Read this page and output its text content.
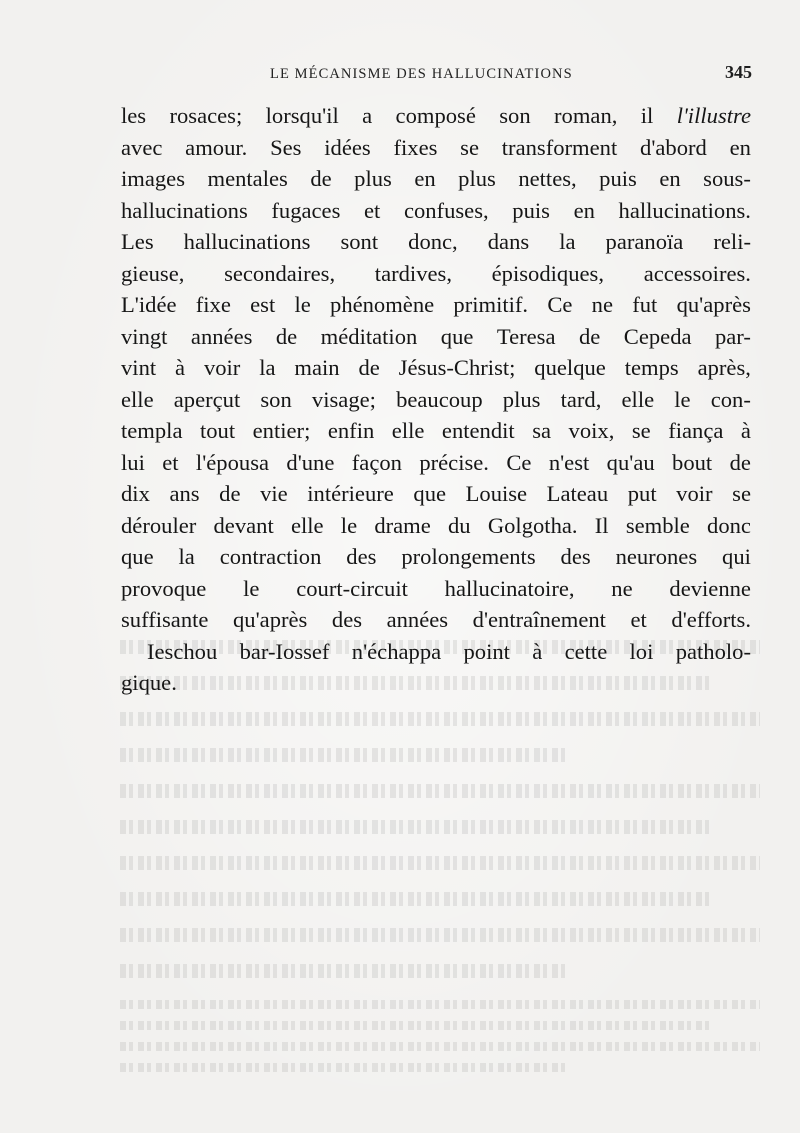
LE MÉCANISME DES HALLUCINATIONS	345
les rosaces; lorsqu'il a composé son roman, il l'illustre
avec amour. Ses idées fixes se transforment d'abord en
images mentales de plus en plus nettes, puis en sous-
hallucinations fugaces et confuses, puis en hallucinations.
Les hallucinations sont donc, dans la paranoïa reli-
gieuse, secondaires, tardives, épisodiques, accessoires.
L'idée fixe est le phénomène primitif. Ce ne fut qu'après
vingt années de méditation que Teresa de Cepeda par-
vint à voir la main de Jésus-Christ; quelque temps après,
elle aperçut son visage; beaucoup plus tard, elle le con-
templa tout entier; enfin elle entendit sa voix, se fiança à
lui et l'épousa d'une façon précise. Ce n'est qu'au bout de
dix ans de vie intérieure que Louise Lateau put voir se
dérouler devant elle le drame du Golgotha. Il semble donc
que la contraction des prolongements des neurones qui
provoque le court-circuit hallucinatoire, ne devienne
suffisante qu'après des années d'entraînement et d'efforts.
Ieschou bar-Iossef n'échappa point à cette loi patholo-
gique.
